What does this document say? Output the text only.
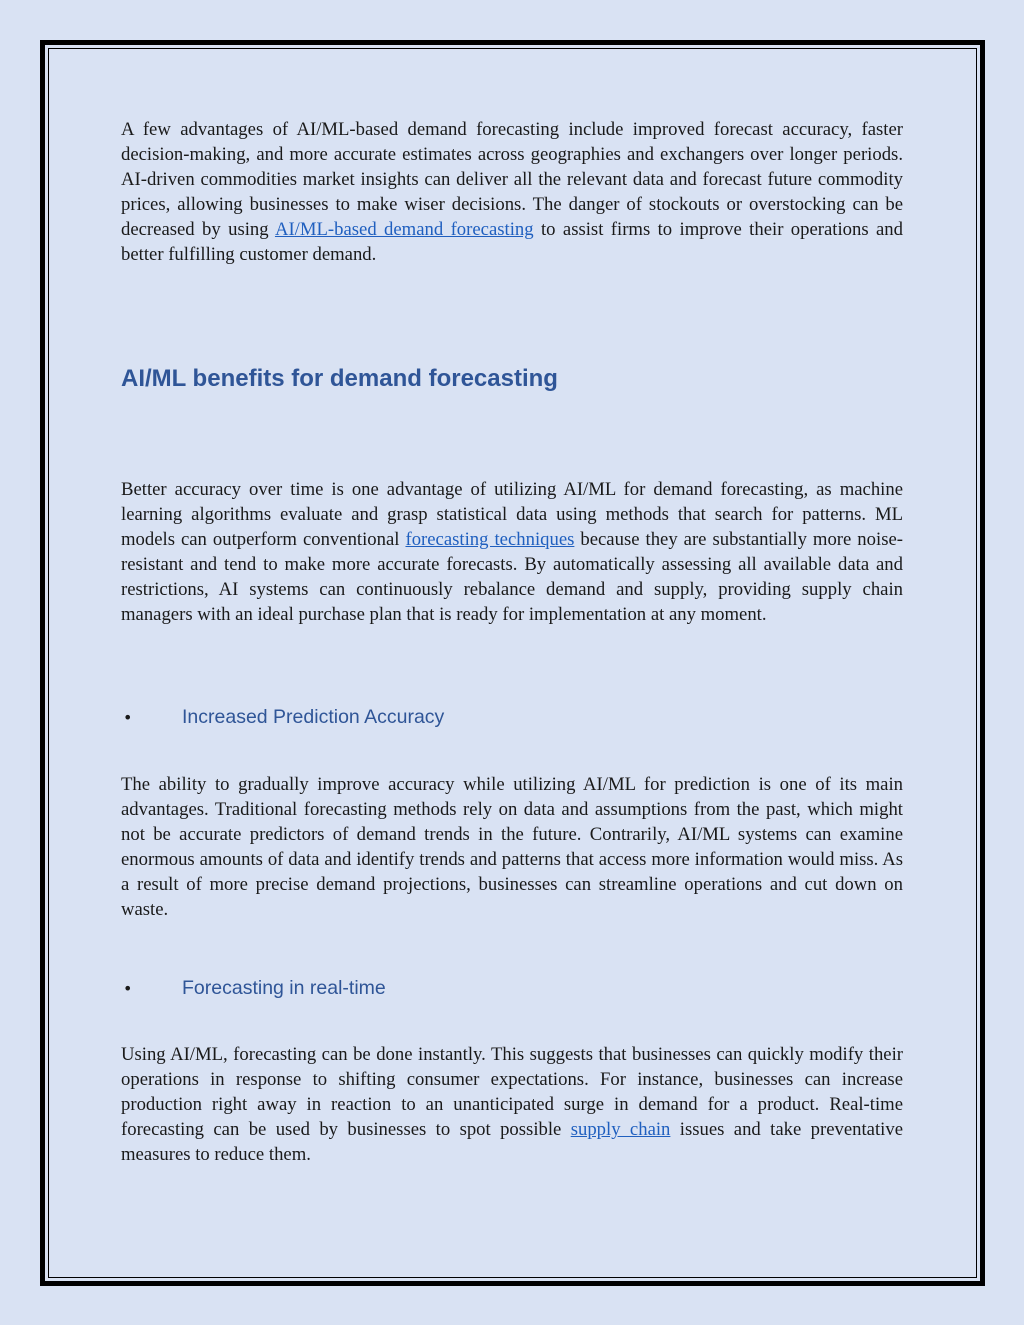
A few advantages of AI/ML-based demand forecasting include improved forecast accuracy, faster decision-making, and more accurate estimates across geographies and exchangers over longer periods. AI-driven commodities market insights can deliver all the relevant data and forecast future commodity prices, allowing businesses to make wiser decisions. The danger of stockouts or overstocking can be decreased by using AI/ML-based demand forecasting to assist firms to improve their operations and better fulfilling customer demand.

AI/ML benefits for demand forecasting

Better accuracy over time is one advantage of utilizing AI/ML for demand forecasting, as machine learning algorithms evaluate and grasp statistical data using methods that search for patterns. ML models can outperform conventional forecasting techniques because they are substantially more noise-resistant and tend to make more accurate forecasts. By automatically assessing all available data and restrictions, AI systems can continuously rebalance demand and supply, providing supply chain managers with an ideal purchase plan that is ready for implementation at any moment.

•	Increased Prediction Accuracy

The ability to gradually improve accuracy while utilizing AI/ML for prediction is one of its main advantages. Traditional forecasting methods rely on data and assumptions from the past, which might not be accurate predictors of demand trends in the future. Contrarily, AI/ML systems can examine enormous amounts of data and identify trends and patterns that access more information would miss. As a result of more precise demand projections, businesses can streamline operations and cut down on waste.

•	Forecasting in real-time

Using AI/ML, forecasting can be done instantly. This suggests that businesses can quickly modify their operations in response to shifting consumer expectations. For instance, businesses can increase production right away in reaction to an unanticipated surge in demand for a product. Real-time forecasting can be used by businesses to spot possible supply chain issues and take preventative measures to reduce them.
